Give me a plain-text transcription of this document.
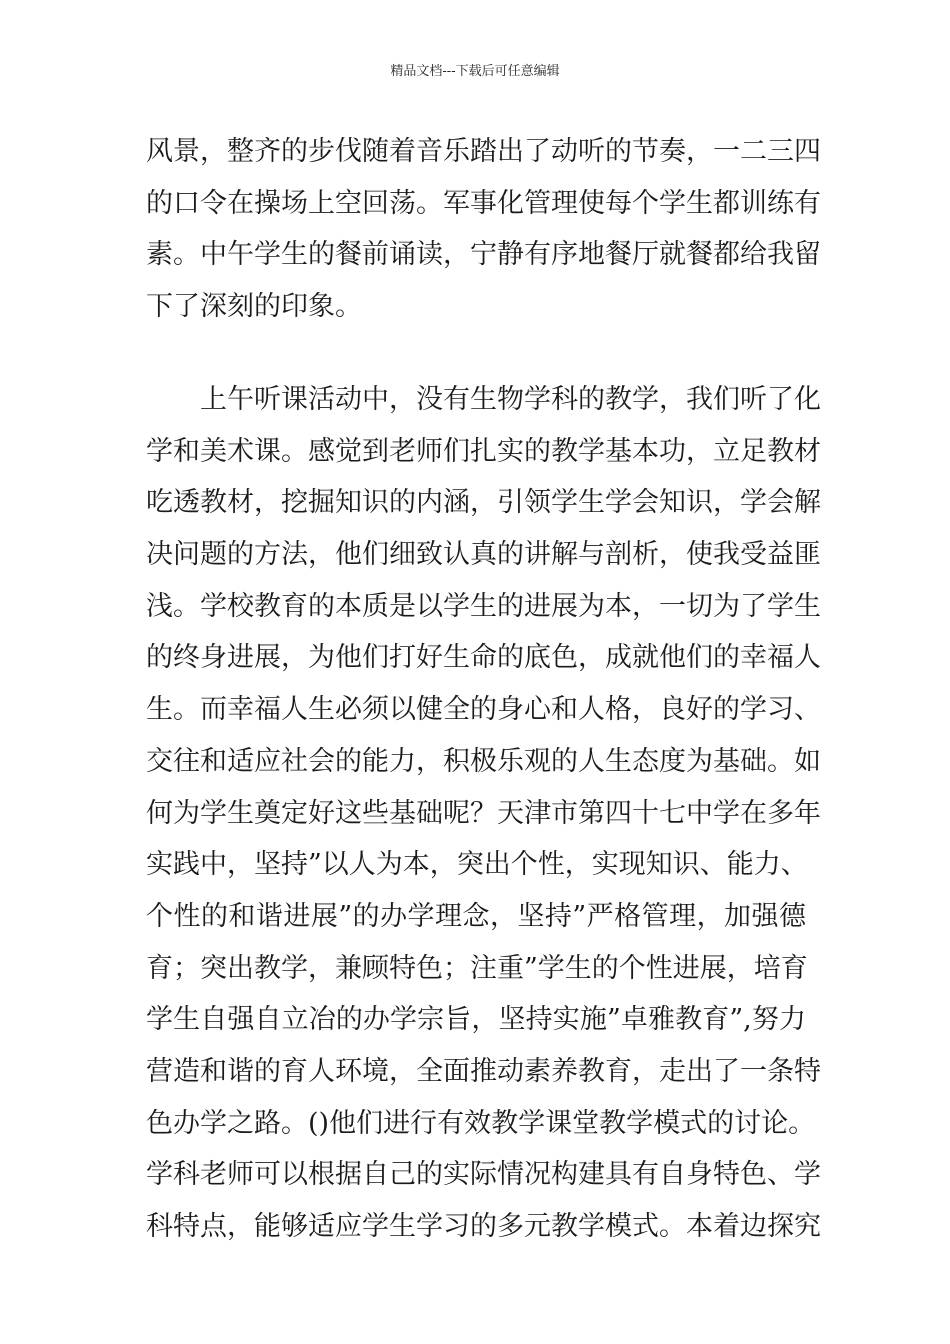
精品文档---下载后可任意编辑
风景，整齐的步伐随着音乐踏出了动听的节奏，一二三四
的口令在操场上空回荡。军事化管理使每个学生都训练有
素。中午学生的餐前诵读，宁静有序地餐厅就餐都给我留
下了深刻的印象。
上午听课活动中，没有生物学科的教学，我们听了化
学和美术课。感觉到老师们扎实的教学基本功，立足教材
吃透教材，挖掘知识的内涵，引领学生学会知识，学会解
决问题的方法，他们细致认真的讲解与剖析，使我受益匪
浅。学校教育的本质是以学生的进展为本，一切为了学生
的终身进展，为他们打好生命的底色，成就他们的幸福人
生。而幸福人生必须以健全的身心和人格，良好的学习、
交往和适应社会的能力，积极乐观的人生态度为基础。如
何为学生奠定好这些基础呢？天津市第四十七中学在多年
实践中，坚持”以人为本，突出个性，实现知识、能力、
个性的和谐进展”的办学理念，坚持”严格管理，加强德
育；突出教学，兼顾特色；注重”学生的个性进展，培育
学生自强自立冶的办学宗旨，坚持实施”卓雅教育”,努力
营造和谐的育人环境，全面推动素养教育，走出了一条特
色办学之路。()他们进行有效教学课堂教学模式的讨论。
学科老师可以根据自己的实际情况构建具有自身特色、学
科特点，能够适应学生学习的多元教学模式。本着边探究
